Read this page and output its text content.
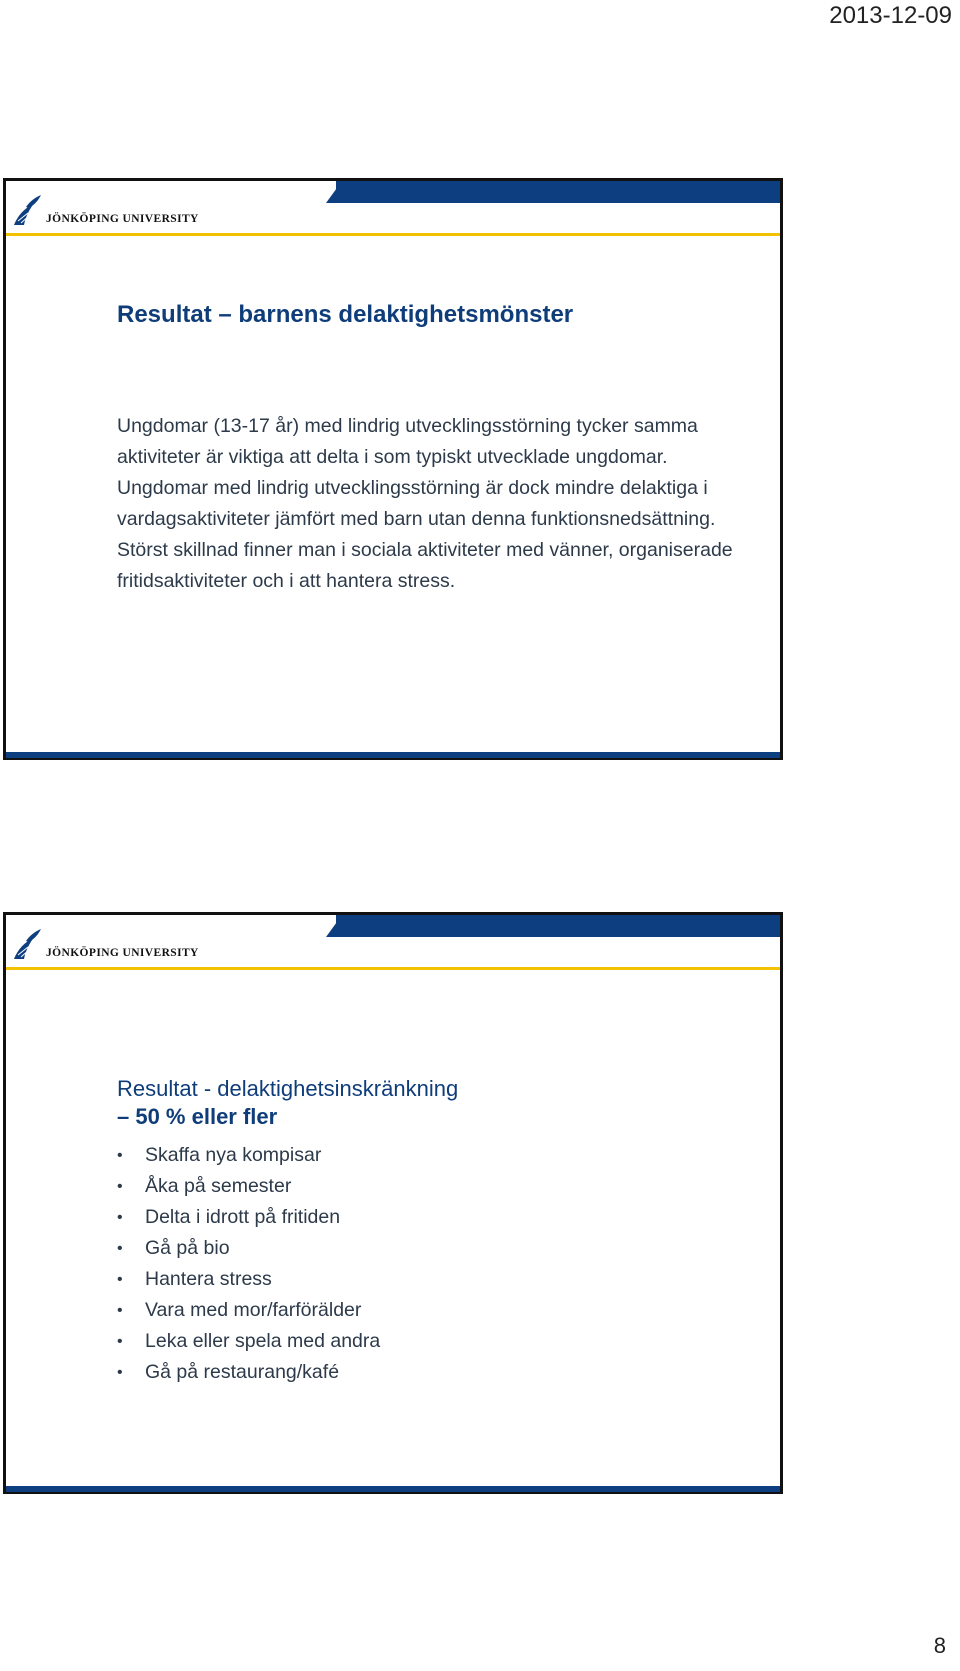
2013-12-09
JÖNKÖPING UNIVERSITY
Resultat – barnens delaktighetsmönster
Ungdomar (13-17 år) med lindrig utvecklingsstörning tycker samma aktiviteter är viktiga att delta i som typiskt utvecklade ungdomar. Ungdomar med lindrig utvecklingsstörning är dock mindre delaktiga i vardagsaktiviteter jämfört med barn utan denna funktionsnedsättning. Störst skillnad finner man i sociala aktiviteter med vänner, organiserade fritidsaktiviteter och i att hantera stress.
JÖNKÖPING UNIVERSITY
Resultat - delaktighetsinskränkning
– 50 % eller fler
• Skaffa nya kompisar
• Åka på semester
• Delta i idrott på fritiden
• Gå på bio
• Hantera stress
• Vara med mor/farförälder
• Leka eller spela med andra
• Gå på restaurang/kafé
8
